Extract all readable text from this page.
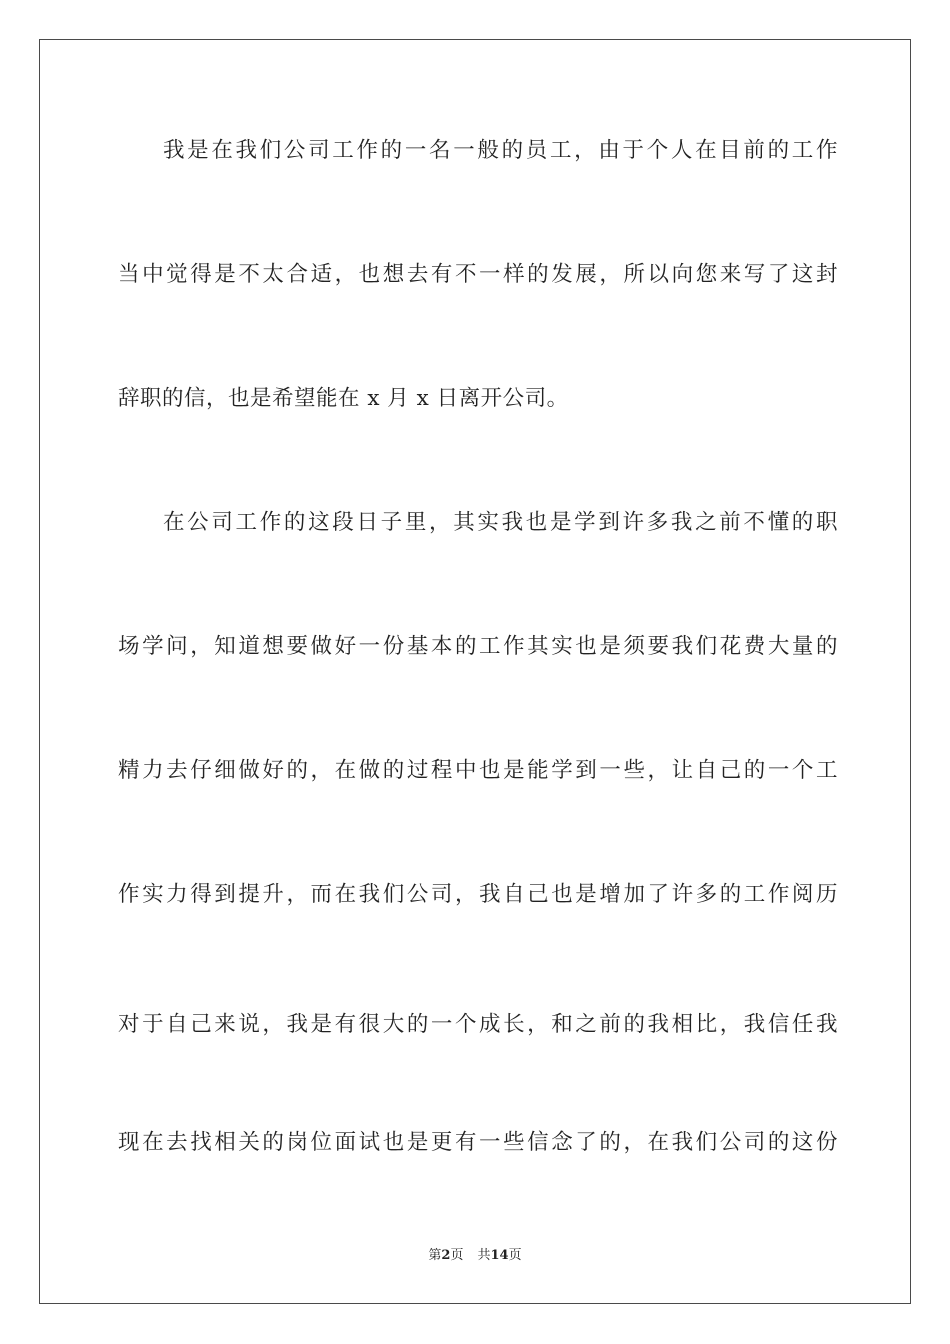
我是在我们公司工作的一名一般的员工，由于个人在目前的工作
当中觉得是不太合适，也想去有不一样的发展，所以向您来写了这封
辞职的信，也是希望能在 x 月 x 日离开公司。
在公司工作的这段日子里，其实我也是学到许多我之前不懂的职
场学问，知道想要做好一份基本的工作其实也是须要我们花费大量的
精力去仔细做好的，在做的过程中也是能学到一些，让自己的一个工
作实力得到提升，而在我们公司，我自己也是增加了许多的工作阅历
对于自己来说，我是有很大的一个成长，和之前的我相比，我信任我
现在去找相关的岗位面试也是更有一些信念了的，在我们公司的这份
第2页 共14页
